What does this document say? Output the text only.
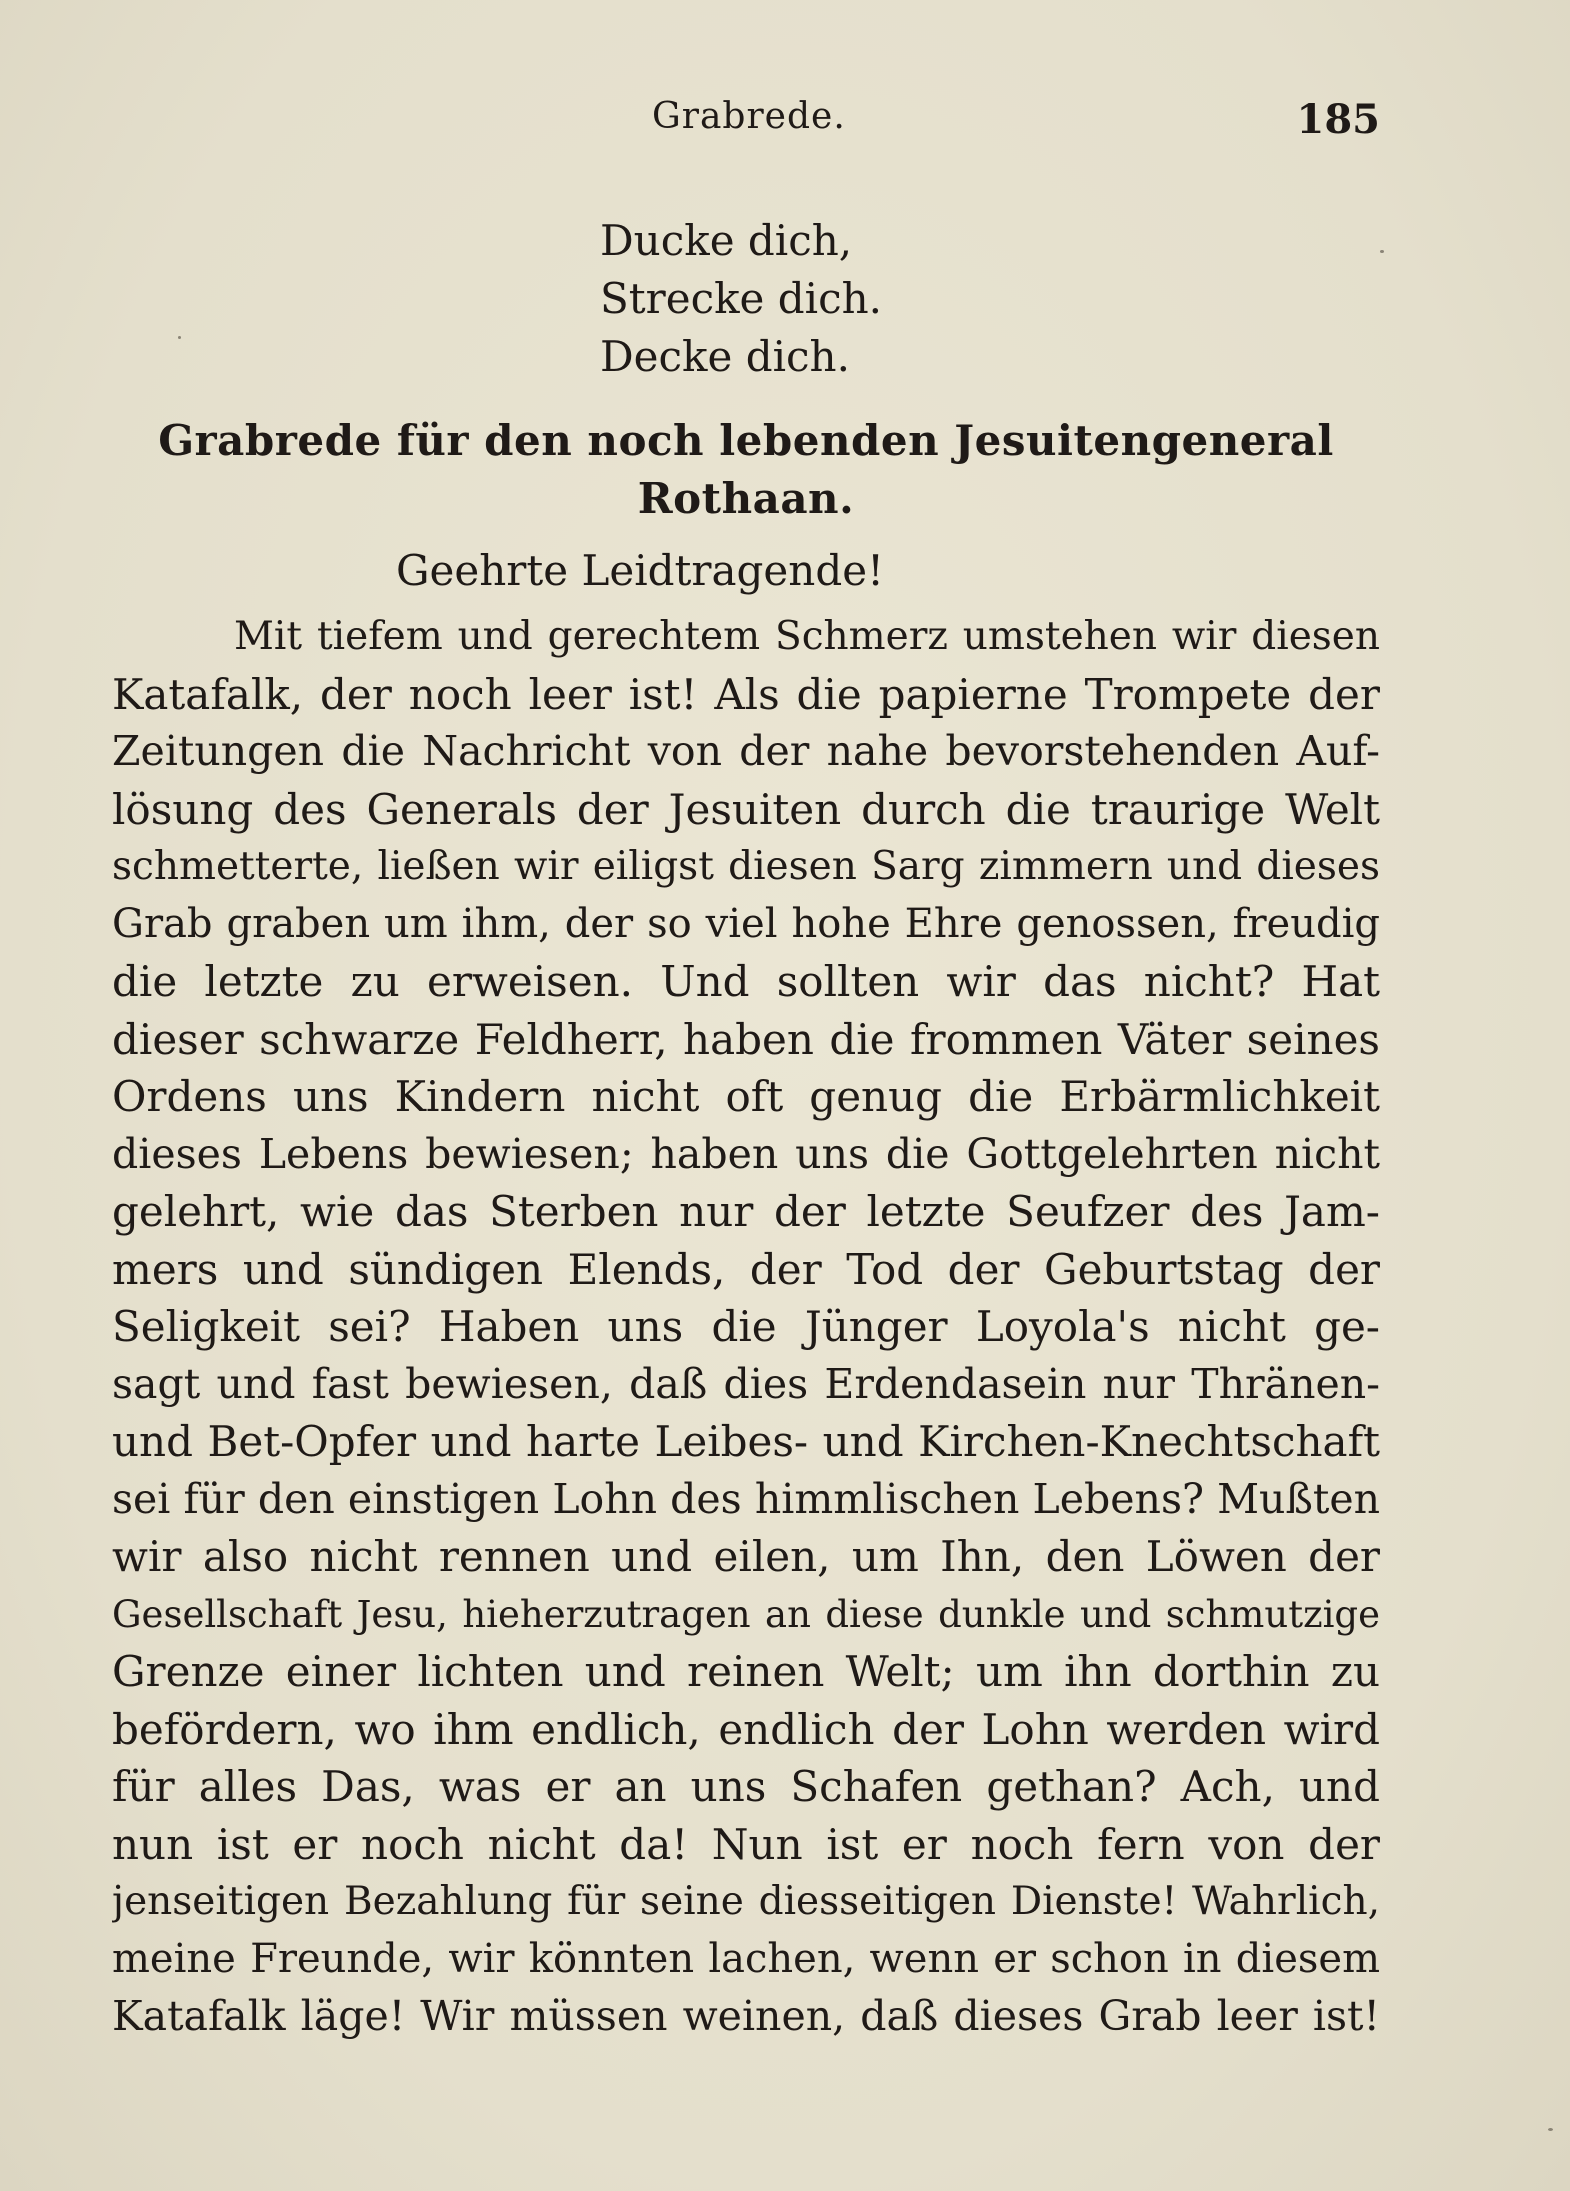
Grabrede.	185
Ducke dich,
Strecke dich.
Decke dich.
Grabrede für den noch lebenden Jesuitengeneral
Rothaan.
Geehrte Leidtragende!
Mit tiefem und gerechtem Schmerz umstehen wir diesen
Katafalk, der noch leer ist! Als die papierne Trompete der
Zeitungen die Nachricht von der nahe bevorstehenden Auf-
lösung des Generals der Jesuiten durch die traurige Welt
schmetterte, ließen wir eiligst diesen Sarg zimmern und dieses
Grab graben um ihm, der so viel hohe Ehre genossen, freudig
die letzte zu erweisen. Und sollten wir das nicht? Hat
dieser schwarze Feldherr, haben die frommen Väter seines
Ordens uns Kindern nicht oft genug die Erbärmlichkeit
dieses Lebens bewiesen; haben uns die Gottgelehrten nicht
gelehrt, wie das Sterben nur der letzte Seufzer des Jam-
mers und sündigen Elends, der Tod der Geburtstag der
Seligkeit sei? Haben uns die Jünger Loyola's nicht ge-
sagt und fast bewiesen, daß dies Erdendasein nur Thränen-
und Bet-Opfer und harte Leibes- und Kirchen-Knechtschaft
sei für den einstigen Lohn des himmlischen Lebens? Mußten
wir also nicht rennen und eilen, um Ihn, den Löwen der
Gesellschaft Jesu, hieherzutragen an diese dunkle und schmutzige
Grenze einer lichten und reinen Welt; um ihn dorthin zu
befördern, wo ihm endlich, endlich der Lohn werden wird
für alles Das, was er an uns Schafen gethan? Ach, und
nun ist er noch nicht da! Nun ist er noch fern von der
jenseitigen Bezahlung für seine diesseitigen Dienste! Wahrlich,
meine Freunde, wir könnten lachen, wenn er schon in diesem
Katafalk läge! Wir müssen weinen, daß dieses Grab leer ist!
